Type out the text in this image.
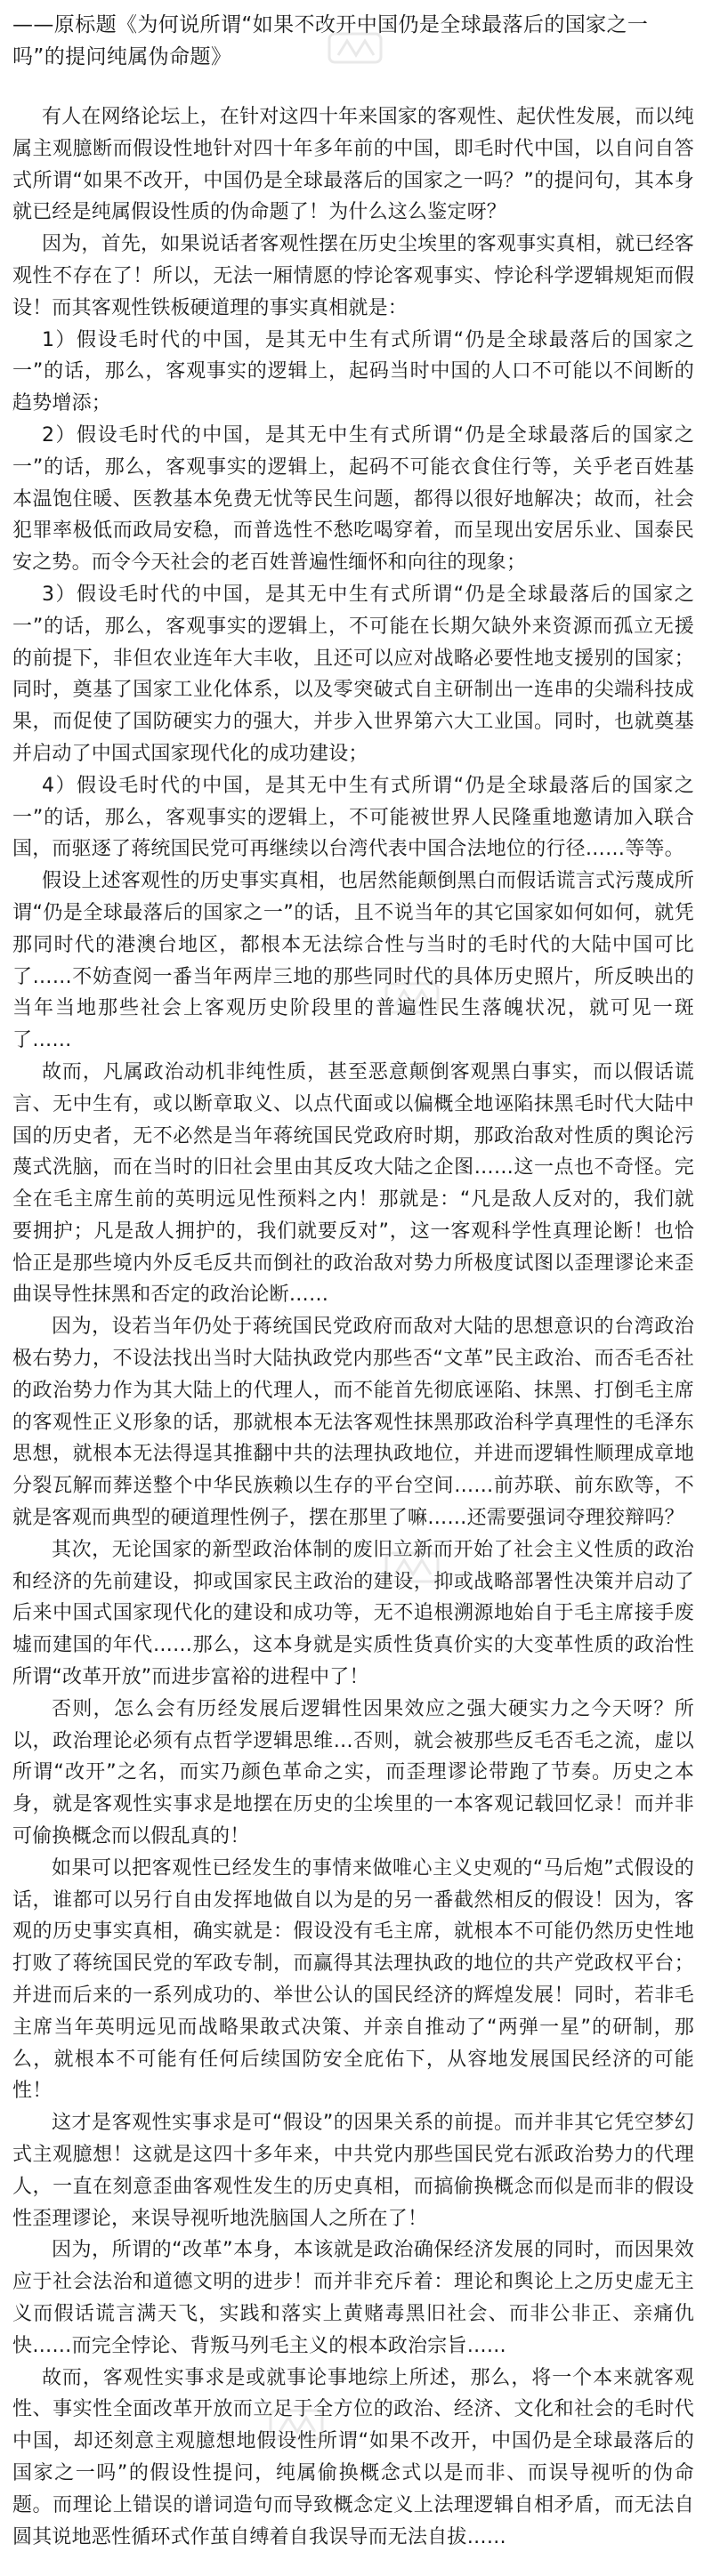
——原标题《为何说所谓“如果不改开中国仍是全球最落后的国家之一吗”的提问纯属伪命题》

有人在网络论坛上，在针对这四十年来国家的客观性、起伏性发展，而以纯属主观臆断而假设性地针对四十年多年前的中国，即毛时代中国，以自问自答式所谓“如果不改开，中国仍是全球最落后的国家之一吗？”的提问句，其本身就已经是纯属假设性质的伪命题了！为什么这么鉴定呀？

因为，首先，如果说话者客观性摆在历史尘埃里的客观事实真相，就已经客观性不存在了！所以，无法一厢情愿的悖论客观事实、悖论科学逻辑规矩而假设！而其客观性铁板硬道理的事实真相就是：

1）假设毛时代的中国，是其无中生有式所谓“仍是全球最落后的国家之一”的话，那么，客观事实的逻辑上，起码当时中国的人口不可能以不间断的趋势增添；

2）假设毛时代的中国，是其无中生有式所谓“仍是全球最落后的国家之一”的话，那么，客观事实的逻辑上，起码不可能衣食住行等，关乎老百姓基本温饱住暖、医教基本免费无忧等民生问题，都得以很好地解决；故而，社会犯罪率极低而政局安稳，而普选性不愁吃喝穿着，而呈现出安居乐业、国泰民安之势。而令今天社会的老百姓普遍性缅怀和向往的现象；

3）假设毛时代的中国，是其无中生有式所谓“仍是全球最落后的国家之一”的话，那么，客观事实的逻辑上，不可能在长期欠缺外来资源而孤立无援的前提下，非但农业连年大丰收，且还可以应对战略必要性地支援别的国家；同时，奠基了国家工业化体系，以及零突破式自主研制出一连串的尖端科技成果，而促使了国防硬实力的强大，并步入世界第六大工业国。同时，也就奠基并启动了中国式国家现代化的成功建设；

4）假设毛时代的中国，是其无中生有式所谓“仍是全球最落后的国家之一”的话，那么，客观事实的逻辑上，不可能被世界人民隆重地邀请加入联合国，而驱逐了蒋统国民党可再继续以台湾代表中国合法地位的行径……等等。

假设上述客观性的历史事实真相，也居然能颠倒黑白而假话谎言式污蔑成所谓“仍是全球最落后的国家之一”的话，且不说当年的其它国家如何如何，就凭那同时代的港澳台地区，都根本无法综合性与当时的毛时代的大陆中国可比了……不妨查阅一番当年两岸三地的那些同时代的具体历史照片，所反映出的当年当地那些社会上客观历史阶段里的普遍性民生落魄状况，就可见一斑了……

故而，凡属政治动机非纯性质，甚至恶意颠倒客观黑白事实，而以假话谎言、无中生有，或以断章取义、以点代面或以偏概全地诬陷抹黑毛时代大陆中国的历史者，无不必然是当年蒋统国民党政府时期，那政治敌对性质的舆论污蔑式洗脑，而在当时的旧社会里由其反攻大陆之企图……这一点也不奇怪。完全在毛主席生前的英明远见性预料之内！那就是：“凡是敌人反对的，我们就要拥护；凡是敌人拥护的，我们就要反对”，这一客观科学性真理论断！也恰恰正是那些境内外反毛反共而倒社的政治敌对势力所极度试图以歪理谬论来歪曲误导性抹黑和否定的政治论断……

因为，设若当年仍处于蒋统国民党政府而敌对大陆的思想意识的台湾政治极右势力，不设法找出当时大陆执政党内那些否“文革”民主政治、而否毛否社的政治势力作为其大陆上的代理人，而不能首先彻底诬陷、抹黑、打倒毛主席的客观性正义形象的话，那就根本无法客观性抹黑那政治科学真理性的毛泽东思想，就根本无法得逞其推翻中共的法理执政地位，并进而逻辑性顺理成章地分裂瓦解而葬送整个中华民族赖以生存的平台空间……前苏联、前东欧等，不就是客观而典型的硬道理性例子，摆在那里了嘛……还需要强词夺理狡辩吗？

其次，无论国家的新型政治体制的废旧立新而开始了社会主义性质的政治和经济的先前建设，抑或国家民主政治的建设，抑或战略部署性决策并启动了后来中国式国家现代化的建设和成功等，无不追根溯源地始自于毛主席接手废墟而建国的年代……那么，这本身就是实质性货真价实的大变革性质的政治性所谓“改革开放”而进步富裕的进程中了！

否则，怎么会有历经发展后逻辑性因果效应之强大硬实力之今天呀？所以，政治理论必须有点哲学逻辑思维…否则，就会被那些反毛否毛之流，虚以所谓“改开”之名，而实乃颜色革命之实，而歪理谬论带跑了节奏。历史之本身，就是客观性实事求是地摆在历史的尘埃里的一本客观记载回忆录！而并非可偷换概念而以假乱真的！

如果可以把客观性已经发生的事情来做唯心主义史观的“马后炮”式假设的话，谁都可以另行自由发挥地做自以为是的另一番截然相反的假设！因为，客观的历史事实真相，确实就是：假设没有毛主席，就根本不可能仍然历史性地打败了蒋统国民党的军政专制，而赢得其法理执政的地位的共产党政权平台；并进而后来的一系列成功的、举世公认的国民经济的辉煌发展！同时，若非毛主席当年英明远见而战略果敢式决策、并亲自推动了“两弹一星”的研制，那么，就根本不可能有任何后续国防安全庇佑下，从容地发展国民经济的可能性！

这才是客观性实事求是可“假设”的因果关系的前提。而并非其它凭空梦幻式主观臆想！这就是这四十多年来，中共党内那些国民党右派政治势力的代理人，一直在刻意歪曲客观性发生的历史真相，而搞偷换概念而似是而非的假设性歪理谬论，来误导视听地洗脑国人之所在了！

因为，所谓的“改革”本身，本该就是政治确保经济发展的同时，而因果效应于社会法治和道德文明的进步！而并非充斥着：理论和舆论上之历史虚无主义而假话谎言满天飞，实践和落实上黄赌毒黑旧社会、而非公非正、亲痛仇快……而完全悖论、背叛马列毛主义的根本政治宗旨……

故而，客观性实事求是或就事论事地综上所述，那么，将一个本来就客观性、事实性全面改革开放而立足于全方位的政治、经济、文化和社会的毛时代中国，却还刻意主观臆想地假设性所谓“如果不改开，中国仍是全球最落后的国家之一吗”的假设性提问，纯属偷换概念式以是而非、而误导视听的伪命题。而理论上错误的谱词造句而导致概念定义上法理逻辑自相矛盾，而无法自圆其说地恶性循环式作茧自缚着自我误导而无法自拔……
